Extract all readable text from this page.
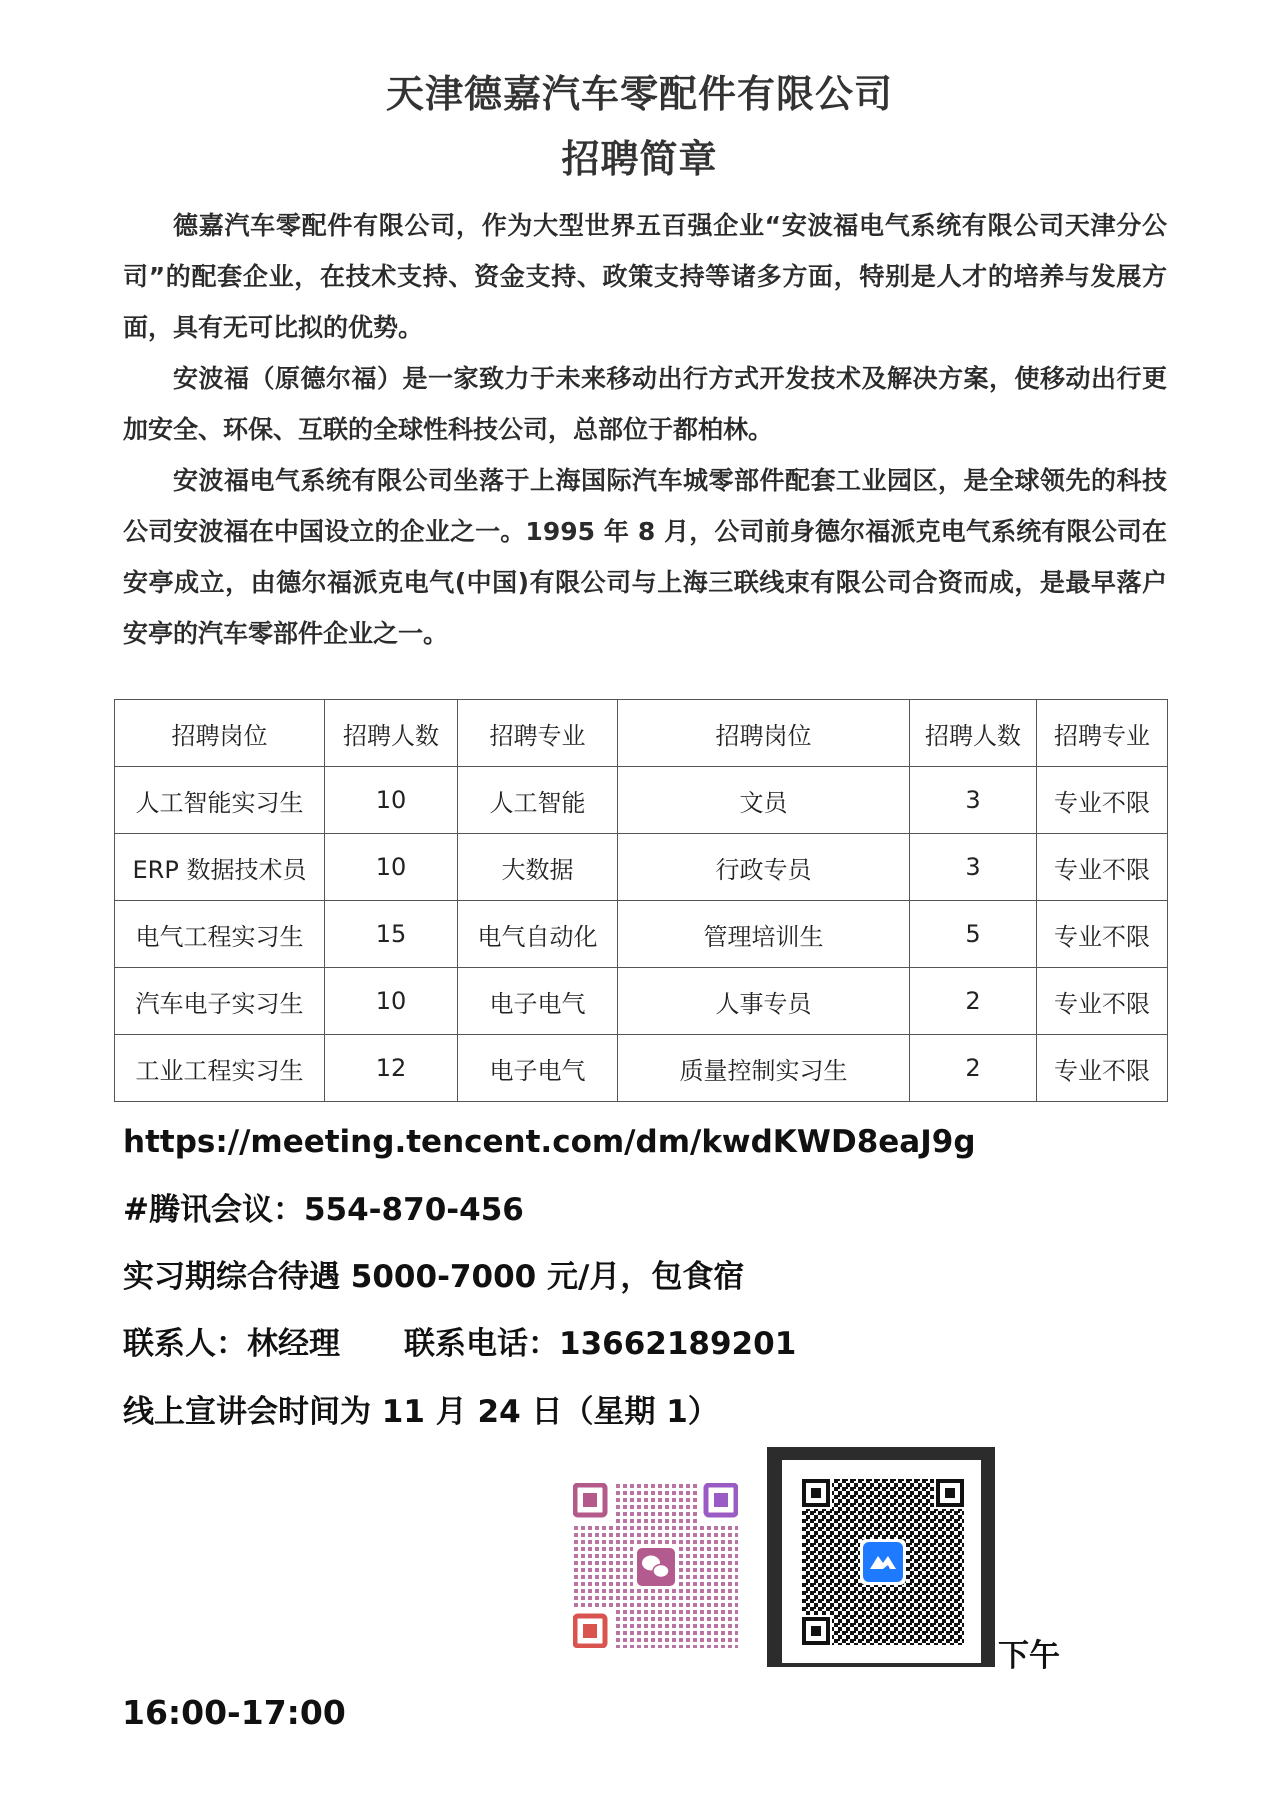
天津德嘉汽车零配件有限公司
招聘简章

德嘉汽车零配件有限公司，作为大型世界五百强企业“安波福电气系统有限公司天津分公司”的配套企业，在技术支持、资金支持、政策支持等诸多方面，特别是人才的培养与发展方面，具有无可比拟的优势。

安波福（原德尔福）是一家致力于未来移动出行方式开发技术及解决方案，使移动出行更加安全、环保、互联的全球性科技公司，总部位于都柏林。

安波福电气系统有限公司坐落于上海国际汽车城零部件配套工业园区，是全球领先的科技公司安波福在中国设立的企业之一。1995 年 8 月，公司前身德尔福派克电气系统有限公司在安亭成立，由德尔福派克电气(中国)有限公司与上海三联线束有限公司合资而成，是最早落户安亭的汽车零部件企业之一。

招聘岗位	招聘人数	招聘专业	招聘岗位	招聘人数	招聘专业
人工智能实习生	10	人工智能	文员	3	专业不限
ERP 数据技术员	10	大数据	行政专员	3	专业不限
电气工程实习生	15	电气自动化	管理培训生	5	专业不限
汽车电子实习生	10	电子电气	人事专员	2	专业不限
工业工程实习生	12	电子电气	质量控制实习生	2	专业不限
https://meeting.tencent.com/dm/kwdKWD8eaJ9g
#腾讯会议：554-870-456
实习期综合待遇 5000-7000 元/月，包食宿
联系人：林经理 联系电话：13662189201
线上宣讲会时间为 11 月 24 日（星期 1）
下午
16:00-17:00
